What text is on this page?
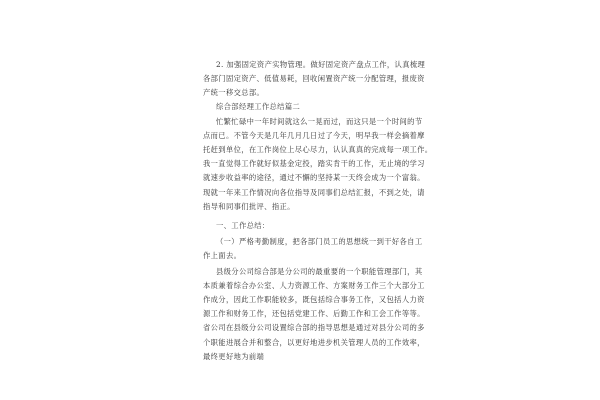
2. 加强固定资产实物管理。做好固定资产盘点工作，认真梳理

各部门固定资产、低值易耗，回收闲置资产统一分配管理，报废资

产统一移交总部。

综合部经理工作总结篇二

忙繁忙碌中一年时间就这么一晃而过，而这只是一个时间的节

点而已。不管今天是几年几月几日过了今天，明早我一样会摘着摩

托赶到单位，在工作岗位上尽心尽力，认认真真的完成每一项工作。

我一直觉得工作就好似基金定投，踏实肯干的工作，无止境的学习

就速步收益率的途径，通过不懈的坚持某一天终会成为一个富翁。

现就一年来工作情况向各位指导及同事们总结汇报，不到之处，请

指导和同事们批评、指正。

一、工作总结：

（一）严格考勤制度，把各部门员工的思想统一到干好各自工

作上面去。

县级分公司综合部是分公司的最重要的一个职能管理部门，其

本质兼着综合办公室、人力资源工作、方案财务工作三个大部分工

作成分，因此工作职能较多，既包括综合事务工作，又包括人力资

源工作和财务工作，还包括党建工作、后勤工作和工会工作等等。

省公司在县级分公司设置综合部的指导思想是通过对县分公司的多

个职能进展合并和整合，以更好地进步机关管理人员的工作效率，

最终更好地为前端
